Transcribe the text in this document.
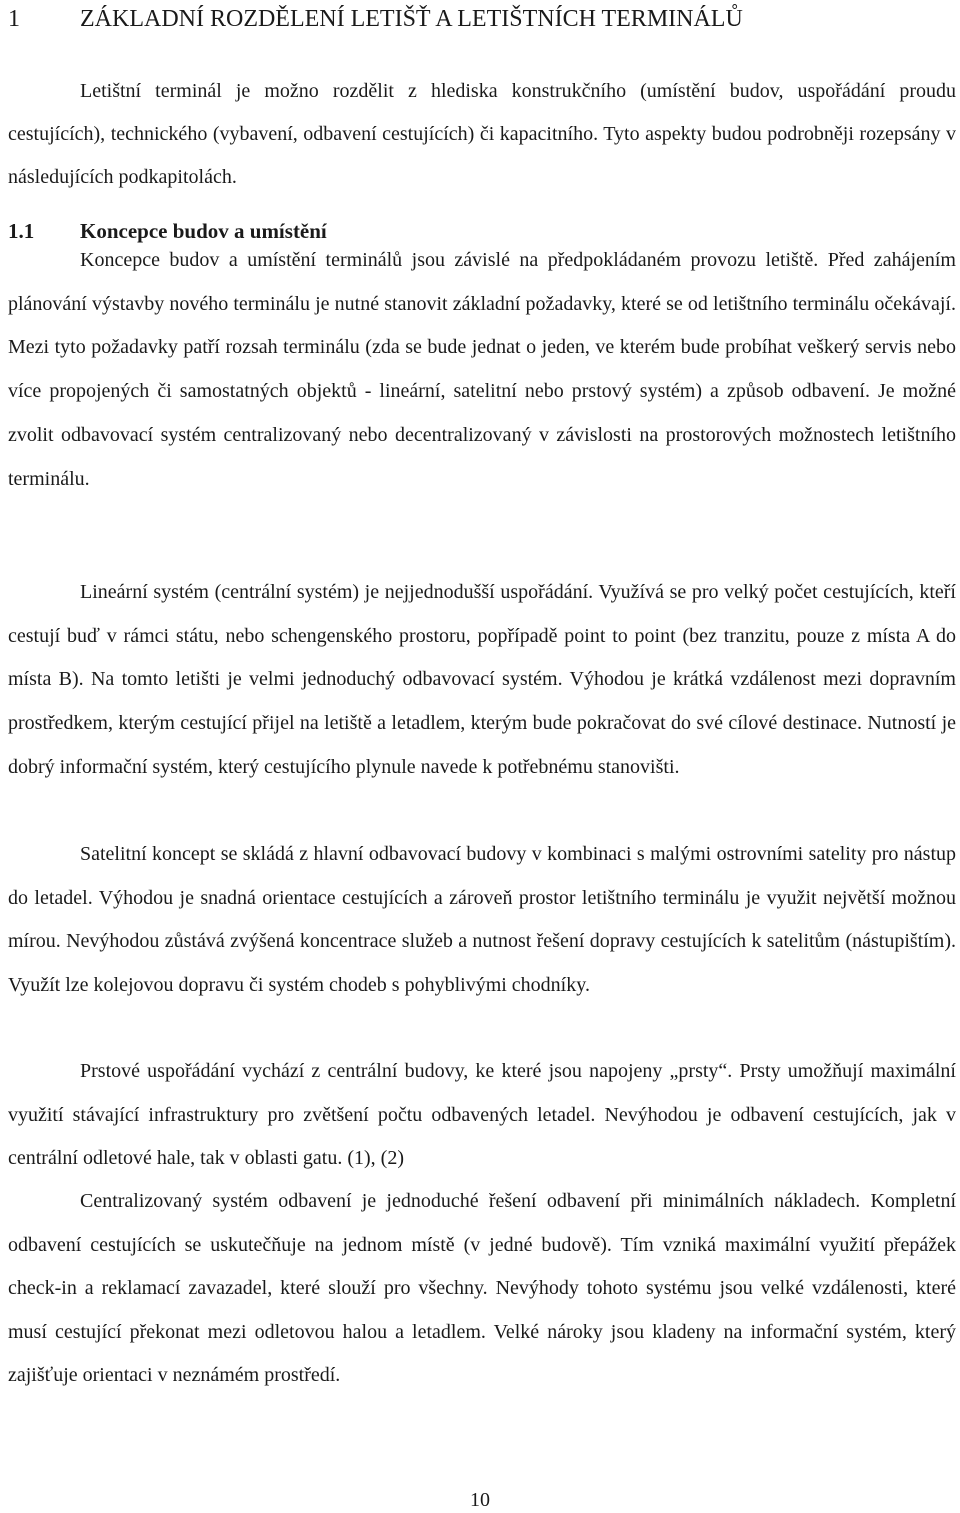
1	ZÁKLADNÍ ROZDĚLENÍ LETIŠŤ A LETIŠTNÍCH TERMINÁLŮ

Letištní terminál je možno rozdělit z hlediska konstrukčního (umístění budov, uspořádání proudu cestujících), technického (vybavení, odbavení cestujících) či kapacitního. Tyto aspekty budou podrobněji rozepsány v následujících podkapitolách.

1.1 Koncepce budov a umístění

Koncepce budov a umístění terminálů jsou závislé na předpokládaném provozu letiště. Před zahájením plánování výstavby nového terminálu je nutné stanovit základní požadavky, které se od letištního terminálu očekávají. Mezi tyto požadavky patří rozsah terminálu (zda se bude jednat o jeden, ve kterém bude probíhat veškerý servis nebo více propojených či samostatných objektů - lineární, satelitní nebo prstový systém) a způsob odbavení. Je možné zvolit odbavovací systém centralizovaný nebo decentralizovaný v závislosti na prostorových možnostech letištního terminálu.

Lineární systém (centrální systém) je nejjednodušší uspořádání. Využívá se pro velký počet cestujících, kteří cestují buď v rámci státu, nebo schengenského prostoru, popřípadě point to point (bez tranzitu, pouze z místa A do místa B). Na tomto letišti je velmi jednoduchý odbavovací systém. Výhodou je krátká vzdálenost mezi dopravním prostředkem, kterým cestující přijel na letiště a letadlem, kterým bude pokračovat do své cílové destinace. Nutností je dobrý informační systém, který cestujícího plynule navede k potřebnému stanovišti.

Satelitní koncept se skládá z hlavní odbavovací budovy v kombinaci s malými ostrovními satelity pro nástup do letadel. Výhodou je snadná orientace cestujících a zároveň prostor letištního terminálu je využit největší možnou mírou. Nevýhodou zůstává zvýšená koncentrace služeb a nutnost řešení dopravy cestujících k satelitům (nástupištím). Využít lze kolejovou dopravu či systém chodeb s pohyblivými chodníky.

Prstové uspořádání vychází z centrální budovy, ke které jsou napojeny „prsty“. Prsty umožňují maximální využití stávající infrastruktury pro zvětšení počtu odbavených letadel. Nevýhodou je odbavení cestujících, jak v centrální odletové hale, tak v oblasti gatu. (1), (2)

Centralizovaný systém odbavení je jednoduché řešení odbavení při minimálních nákladech. Kompletní odbavení cestujících se uskutečňuje na jednom místě (v jedné budově). Tím vzniká maximální využití přepážek check-in a reklamací zavazadel, které slouží pro všechny. Nevýhody tohoto systému jsou velké vzdálenosti, které musí cestující překonat mezi odletovou halou a letadlem. Velké nároky jsou kladeny na informační systém, který zajišťuje orientaci v neznámém prostředí.

10
